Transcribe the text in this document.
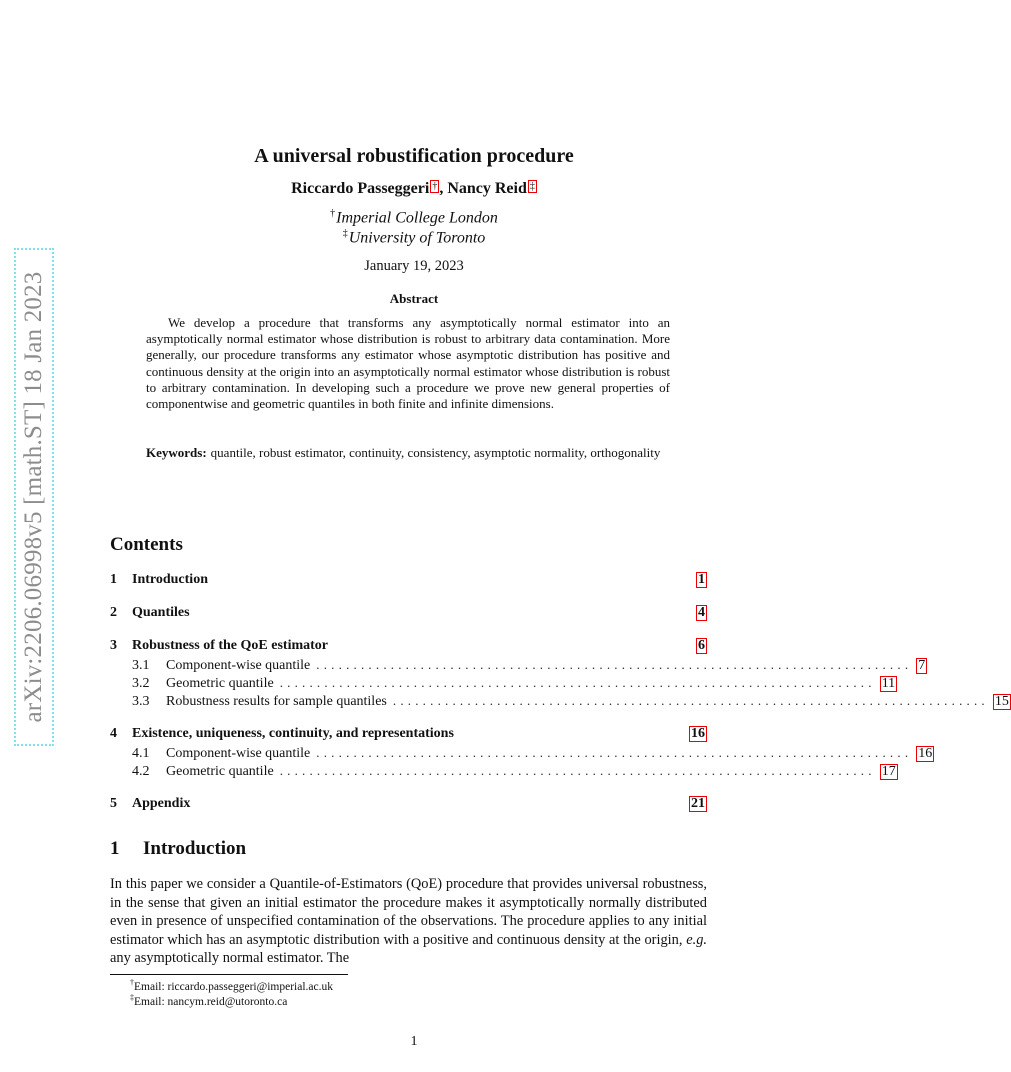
arXiv:2206.06998v5 [math.ST] 18 Jan 2023
A universal robustification procedure
Riccardo Passeggeri † , Nancy Reid ‡
†Imperial College London
‡University of Toronto
January 19, 2023
Abstract
We develop a procedure that transforms any asymptotically normal estimator into an asymptotically normal estimator whose distribution is robust to arbitrary data contamination. More generally, our procedure transforms any estimator whose asymptotic distribution has positive and continuous density at the origin into an asymptotically normal estimator whose distribution is robust to arbitrary contamination. In developing such a procedure we prove new general properties of componentwise and geometric quantiles in both finite and infinite dimensions.
Keywords: quantile, robust estimator, continuity, consistency, asymptotic normality, orthogonality
Contents
1 Introduction	1
2 Quantiles	4
3 Robustness of the QoE estimator	6
3.1	Component-wise quantile ................................................................................ 7
3.2	Geometric quantile ................................................................................ 11
3.3	Robustness results for sample quantiles ................................................................................ 15
4 Existence, uniqueness, continuity, and representations	16
4.1	Component-wise quantile ................................................................................ 16
4.2	Geometric quantile ................................................................................ 17
5 Appendix	21
1 Introduction
In this paper we consider a Quantile-of-Estimators (QoE) procedure that provides universal robustness, in the sense that given an initial estimator the procedure makes it asymptotically normally distributed even in presence of unspecified contamination of the observations. The procedure applies to any initial estimator which has an asymptotic distribution with a positive and continuous density at the origin, e.g. any asymptotically normal estimator. The
†Email: riccardo.passeggeri@imperial.ac.uk
‡Email: nancym.reid@utoronto.ca
1
